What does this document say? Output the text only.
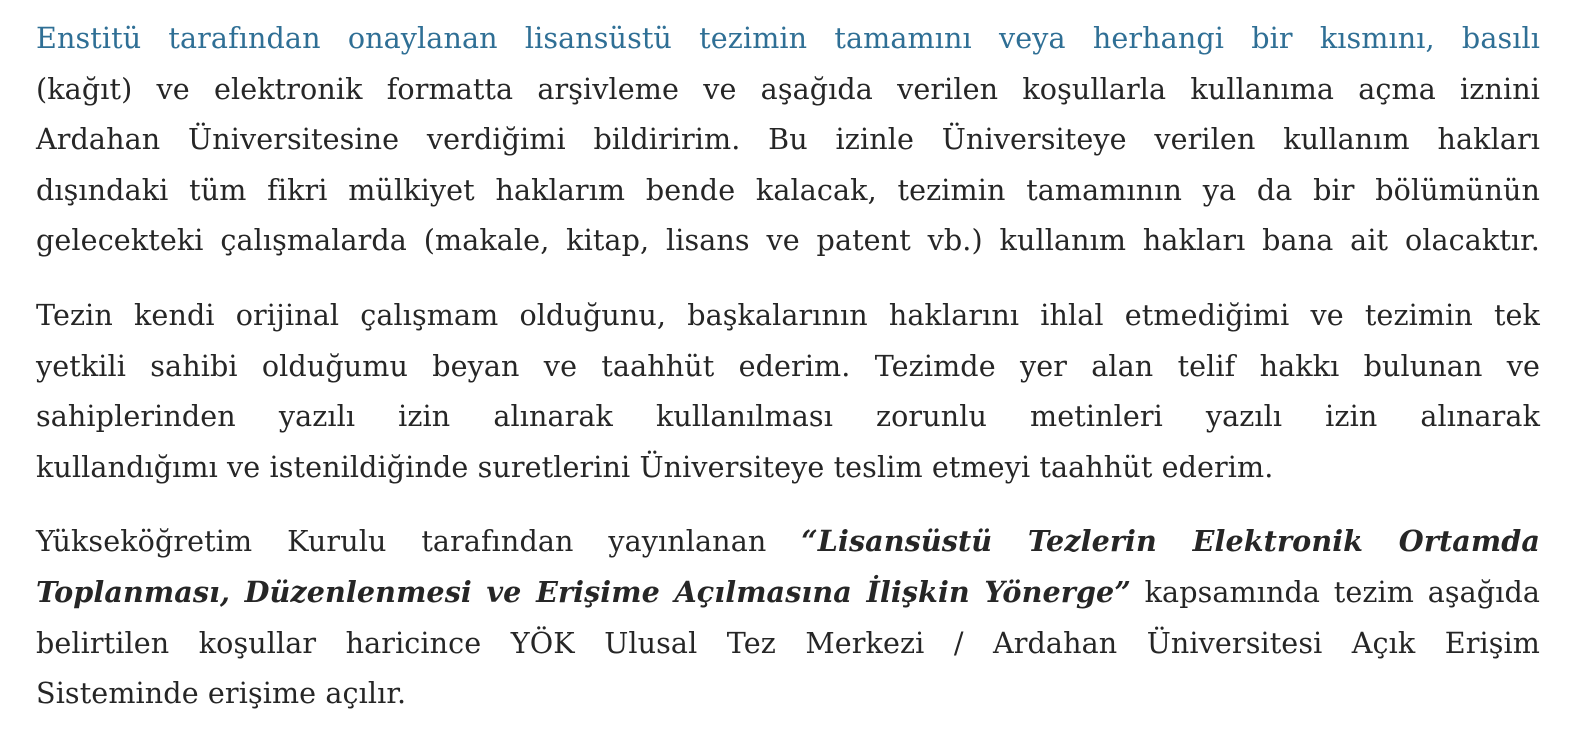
Enstitü tarafından onaylanan lisansüstü tezimin tamamını veya herhangi bir kısmını, basılı
(kağıt) ve elektronik formatta arşivleme ve aşağıda verilen koşullarla kullanıma açma iznini
Ardahan Üniversitesine verdiğimi bildiririm. Bu izinle Üniversiteye verilen kullanım hakları
dışındaki tüm fikri mülkiyet haklarım bende kalacak, tezimin tamamının ya da bir bölümünün
gelecekteki çalışmalarda (makale, kitap, lisans ve patent vb.) kullanım hakları bana ait olacaktır.
Tezin kendi orijinal çalışmam olduğunu, başkalarının haklarını ihlal etmediğimi ve tezimin tek
yetkili sahibi olduğumu beyan ve taahhüt ederim. Tezimde yer alan telif hakkı bulunan ve
sahiplerinden yazılı izin alınarak kullanılması zorunlu metinleri yazılı izin alınarak
kullandığımı ve istenildiğinde suretlerini Üniversiteye teslim etmeyi taahhüt ederim.
Yükseköğretim Kurulu tarafından yayınlanan “Lisansüstü Tezlerin Elektronik Ortamda
Toplanması, Düzenlenmesi ve Erişime Açılmasına İlişkin Yönerge” kapsamında tezim aşağıda
belirtilen koşullar haricince YÖK Ulusal Tez Merkezi / Ardahan Üniversitesi Açık Erişim
Sisteminde erişime açılır.
